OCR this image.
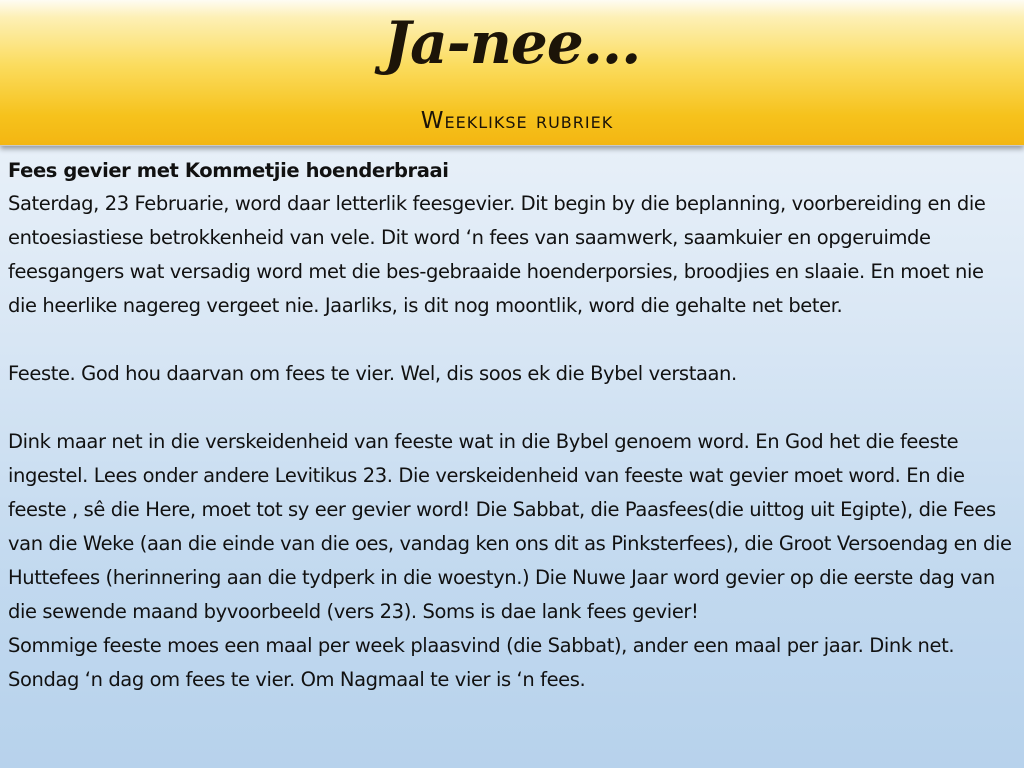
Ja-nee...
Weeklikse rubriek

Fees gevier met Kommetjie hoenderbraai

Saterdag, 23 Februarie, word daar letterlik feesgevier. Dit begin by die beplanning, voorbereiding en die entoesiastiese betrokkenheid van vele. Dit word ‘n fees van saamwerk, saamkuier en opgeruimde feesgangers wat versadig word met die bes-gebraaide hoenderporsies, broodjies en slaaie. En moet nie die heerlike nagereg vergeet nie. Jaarliks, is dit nog moontlik, word die gehalte net beter.

Feeste. God hou daarvan om fees te vier. Wel, dis soos ek die Bybel verstaan.

Dink maar net in die verskeidenheid van feeste wat in die Bybel genoem word. En God het die feeste ingestel. Lees onder andere Levitikus 23. Die verskeidenheid van feeste wat gevier moet word. En die feeste , sê die Here, moet tot sy eer gevier word! Die Sabbat, die Paasfees(die uittog uit Egipte), die Fees van die Weke (aan die einde van die oes, vandag ken ons dit as Pinksterfees), die Groot Versoendag en die Huttefees (herinnering aan die tydperk in die woestyn.) Die Nuwe Jaar word gevier op die eerste dag van die sewende maand byvoorbeeld (vers 23). Soms is dae lank fees gevier!

Sommige feeste moes een maal per week plaasvind (die Sabbat), ander een maal per jaar. Dink net. Sondag ‘n dag om fees te vier. Om Nagmaal te vier is ‘n fees.
